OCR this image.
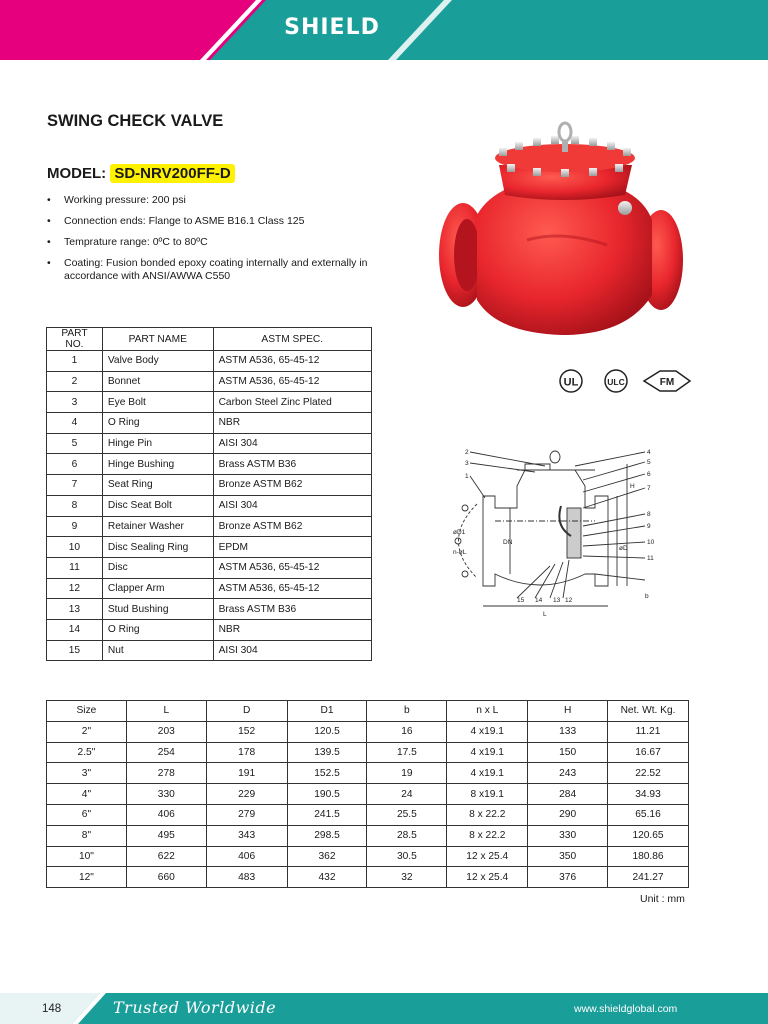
SHIELD
SWING CHECK VALVE
MODEL: SD-NRV200FF-D
• Working pressure: 200 psi
• Connection ends: Flange to ASME B16.1 Class 125
• Temprature range: 0ºC to 80ºC
• Coating: Fusion bonded epoxy coating internally and externally in accordance with ANSI/AWWA C550
PART NO.	PART NAME	ASTM SPEC.
1	Valve Body	ASTM A536, 65-45-12
2	Bonnet	ASTM A536, 65-45-12
3	Eye Bolt	Carbon Steel Zinc Plated
4	O Ring	NBR
5	Hinge Pin	AISI 304
6	Hinge Bushing	Brass ASTM B36
7	Seat Ring	Bronze ASTM B62
8	Disc Seat Bolt	AISI 304
9	Retainer Washer	Bronze ASTM B62
10	Disc Sealing Ring	EPDM
11	Disc	ASTM A536, 65-45-12
12	Clapper Arm	ASTM A536, 65-45-12
13	Stud Bushing	Brass ASTM B36
14	O Ring	NBR
15	Nut	AISI 304
UL	ULC	FM
2
3
1
4
5
6
7
8
9
10
11
12
13
14
15
øD1
n-øL
DN
øD
H
L
b
Size	L	D	D1	b	n x L	H	Net. Wt. Kg.
2"	203	152	120.5	16	4 x19.1	133	11.21
2.5"	254	178	139.5	17.5	4 x19.1	150	16.67
3"	278	191	152.5	19	4 x19.1	243	22.52
4"	330	229	190.5	24	8 x19.1	284	34.93
6"	406	279	241.5	25.5	8 x 22.2	290	65.16
8"	495	343	298.5	28.5	8 x 22.2	330	120.65
10"	622	406	362	30.5	12 x 25.4	350	180.86
12"	660	483	432	32	12 x 25.4	376	241.27
Unit : mm
148	Trusted Worldwide	www.shieldglobal.com
